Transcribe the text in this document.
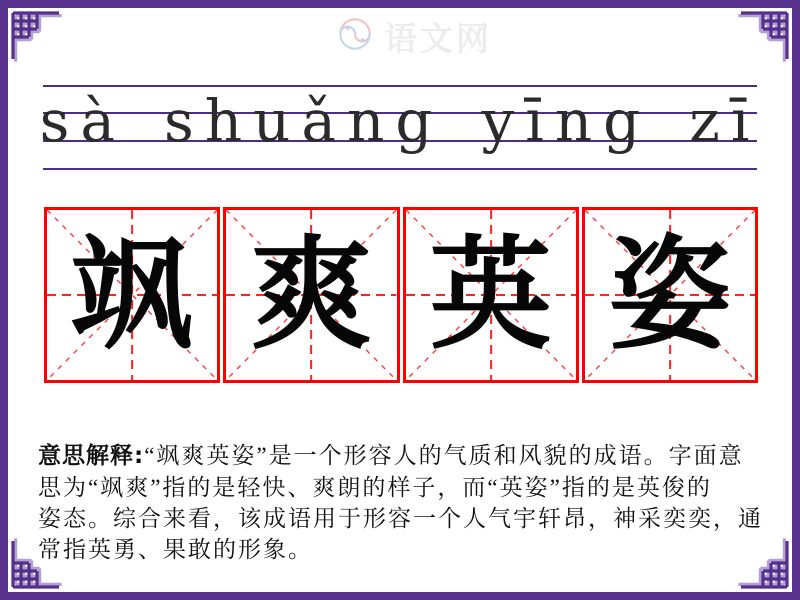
语文网
sà shuǎng yīng zī
飒 爽 英 姿
意思解释:“飒爽英姿”是一个形容人的气质和风貌的成语。字面意
思为“飒爽”指的是轻快、爽朗的样子，而“英姿”指的是英俊的
姿态。综合来看，该成语用于形容一个人气宇轩昂，神采奕奕，通
常指英勇、果敢的形象。
